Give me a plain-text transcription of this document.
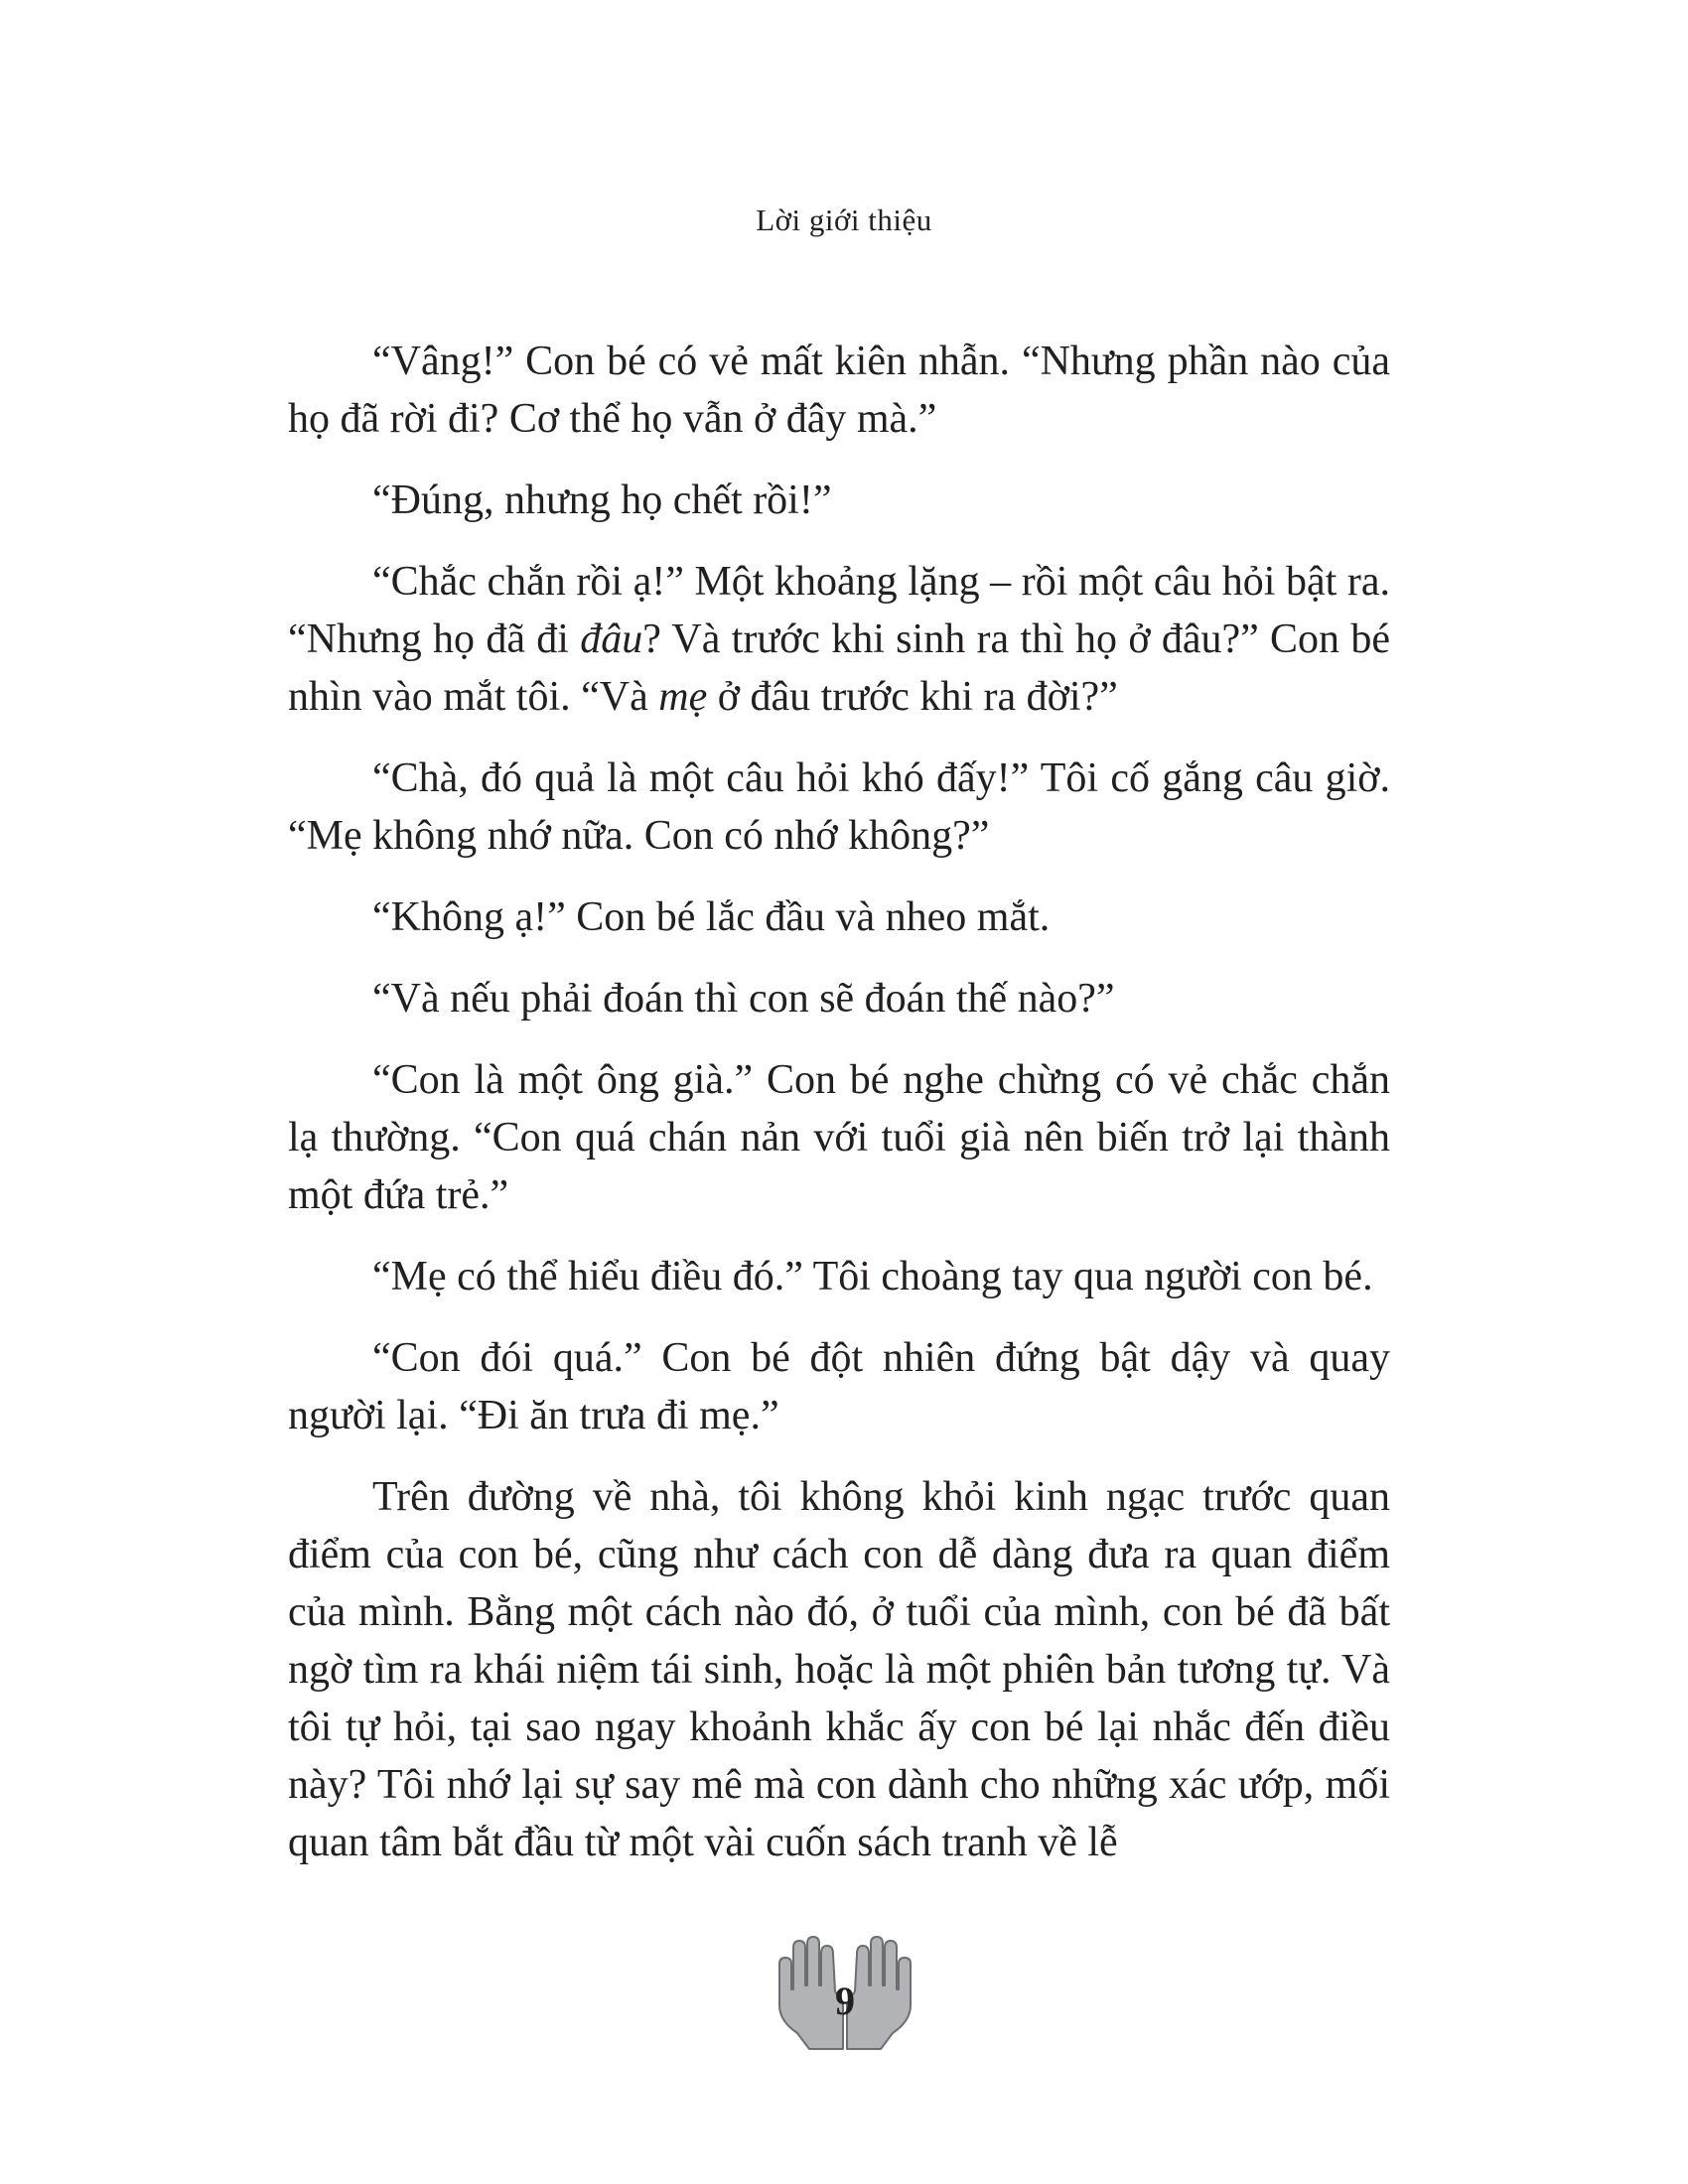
Lời giới thiệu

“Vâng!” Con bé có vẻ mất kiên nhẫn. “Nhưng phần nào của họ đã rời đi? Cơ thể họ vẫn ở đây mà.”

“Đúng, nhưng họ chết rồi!”

“Chắc chắn rồi ạ!” Một khoảng lặng – rồi một câu hỏi bật ra. “Nhưng họ đã đi đâu? Và trước khi sinh ra thì họ ở đâu?” Con bé nhìn vào mắt tôi. “Và mẹ ở đâu trước khi ra đời?”

“Chà, đó quả là một câu hỏi khó đấy!” Tôi cố gắng câu giờ. “Mẹ không nhớ nữa. Con có nhớ không?”

“Không ạ!” Con bé lắc đầu và nheo mắt.

“Và nếu phải đoán thì con sẽ đoán thế nào?”

“Con là một ông già.” Con bé nghe chừng có vẻ chắc chắn lạ thường. “Con quá chán nản với tuổi già nên biến trở lại thành một đứa trẻ.”

“Mẹ có thể hiểu điều đó.” Tôi choàng tay qua người con bé.

“Con đói quá.” Con bé đột nhiên đứng bật dậy và quay người lại. “Đi ăn trưa đi mẹ.”

Trên đường về nhà, tôi không khỏi kinh ngạc trước quan điểm của con bé, cũng như cách con dễ dàng đưa ra quan điểm của mình. Bằng một cách nào đó, ở tuổi của mình, con bé đã bất ngờ tìm ra khái niệm tái sinh, hoặc là một phiên bản tương tự. Và tôi tự hỏi, tại sao ngay khoảnh khắc ấy con bé lại nhắc đến điều này? Tôi nhớ lại sự say mê mà con dành cho những xác ướp, mối quan tâm bắt đầu từ một vài cuốn sách tranh về lễ

9
